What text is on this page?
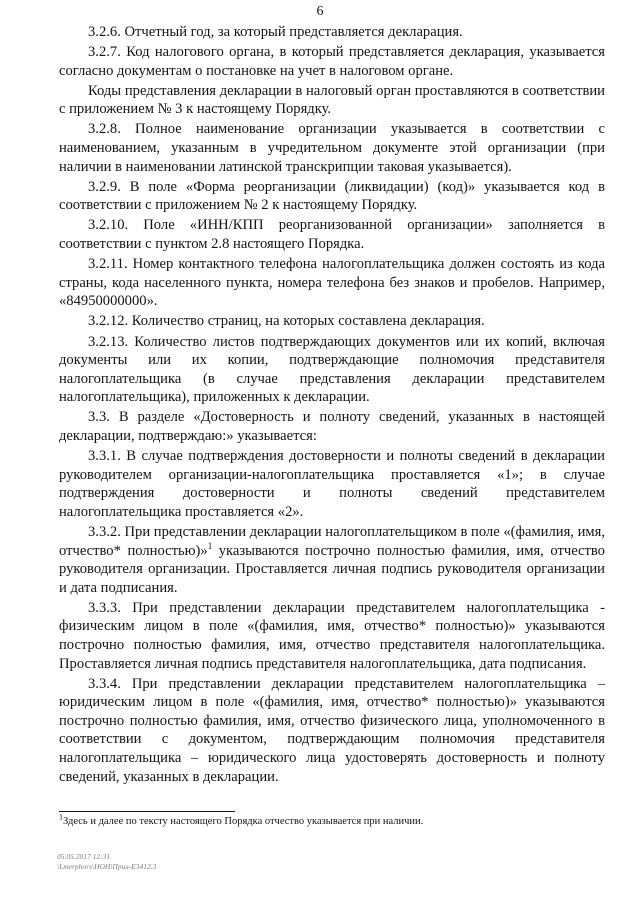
6

3.2.6. Отчетный год, за который представляется декларация.

3.2.7. Код налогового органа, в который представляется декларация, указывается согласно документам о постановке на учет в налоговом органе.

Коды представления декларации в налоговый орган проставляются в соответствии с приложением № 3 к настоящему Порядку.

3.2.8. Полное наименование организации указывается в соответствии с наименованием, указанным в учредительном документе этой организации (при наличии в наименовании латинской транскрипции таковая указывается).

3.2.9. В поле «Форма реорганизации (ликвидации) (код)» указывается код в соответствии с приложением № 2 к настоящему Порядку.

3.2.10. Поле «ИНН/КПП реорганизованной организации» заполняется в соответствии с пунктом 2.8 настоящего Порядка.

3.2.11. Номер контактного телефона налогоплательщика должен состоять из кода страны, кода населенного пункта, номера телефона без знаков и пробелов. Например, «84950000000».

3.2.12. Количество страниц, на которых составлена декларация.

3.2.13. Количество листов подтверждающих документов или их копий, включая документы или их копии, подтверждающие полномочия представителя налогоплательщика (в случае представления декларации представителем налогоплательщика), приложенных к декларации.

3.3. В разделе «Достоверность и полноту сведений, указанных в настоящей декларации, подтверждаю:» указывается:

3.3.1. В случае подтверждения достоверности и полноты сведений в декларации руководителем организации-налогоплательщика проставляется «1»; в случае подтверждения достоверности и полноты сведений представителем налогоплательщика проставляется «2».

3.3.2. При представлении декларации налогоплательщиком в поле «(фамилия, имя, отчество* полностью)»$^1$ указываются построчно полностью фамилия, имя, отчество руководителя организации. Проставляется личная подпись руководителя организации и дата подписания.

3.3.3. При представлении декларации представителем налогоплательщика - физическим лицом в поле «(фамилия, имя, отчество* полностью)» указываются построчно полностью фамилия, имя, отчество представителя налогоплательщика. Проставляется личная подпись представителя налогоплательщика, дата подписания.

3.3.4. При представлении декларации представителем налогоплательщика – юридическим лицом в поле «(фамилия, имя, отчество* полностью)» указываются построчно полностью фамилия, имя, отчество физического лица, уполномоченного в соответствии с документом, подтверждающим полномочия представителя налогоплательщика – юридического лица удостоверять достоверность и полноту сведений, указанных в декларации.

$^1$Здесь и далее по тексту настоящего Порядка отчество указывается при наличии.
05.05.2017 12:31
\Lmerphors\НОН\Прил-E3412.3
